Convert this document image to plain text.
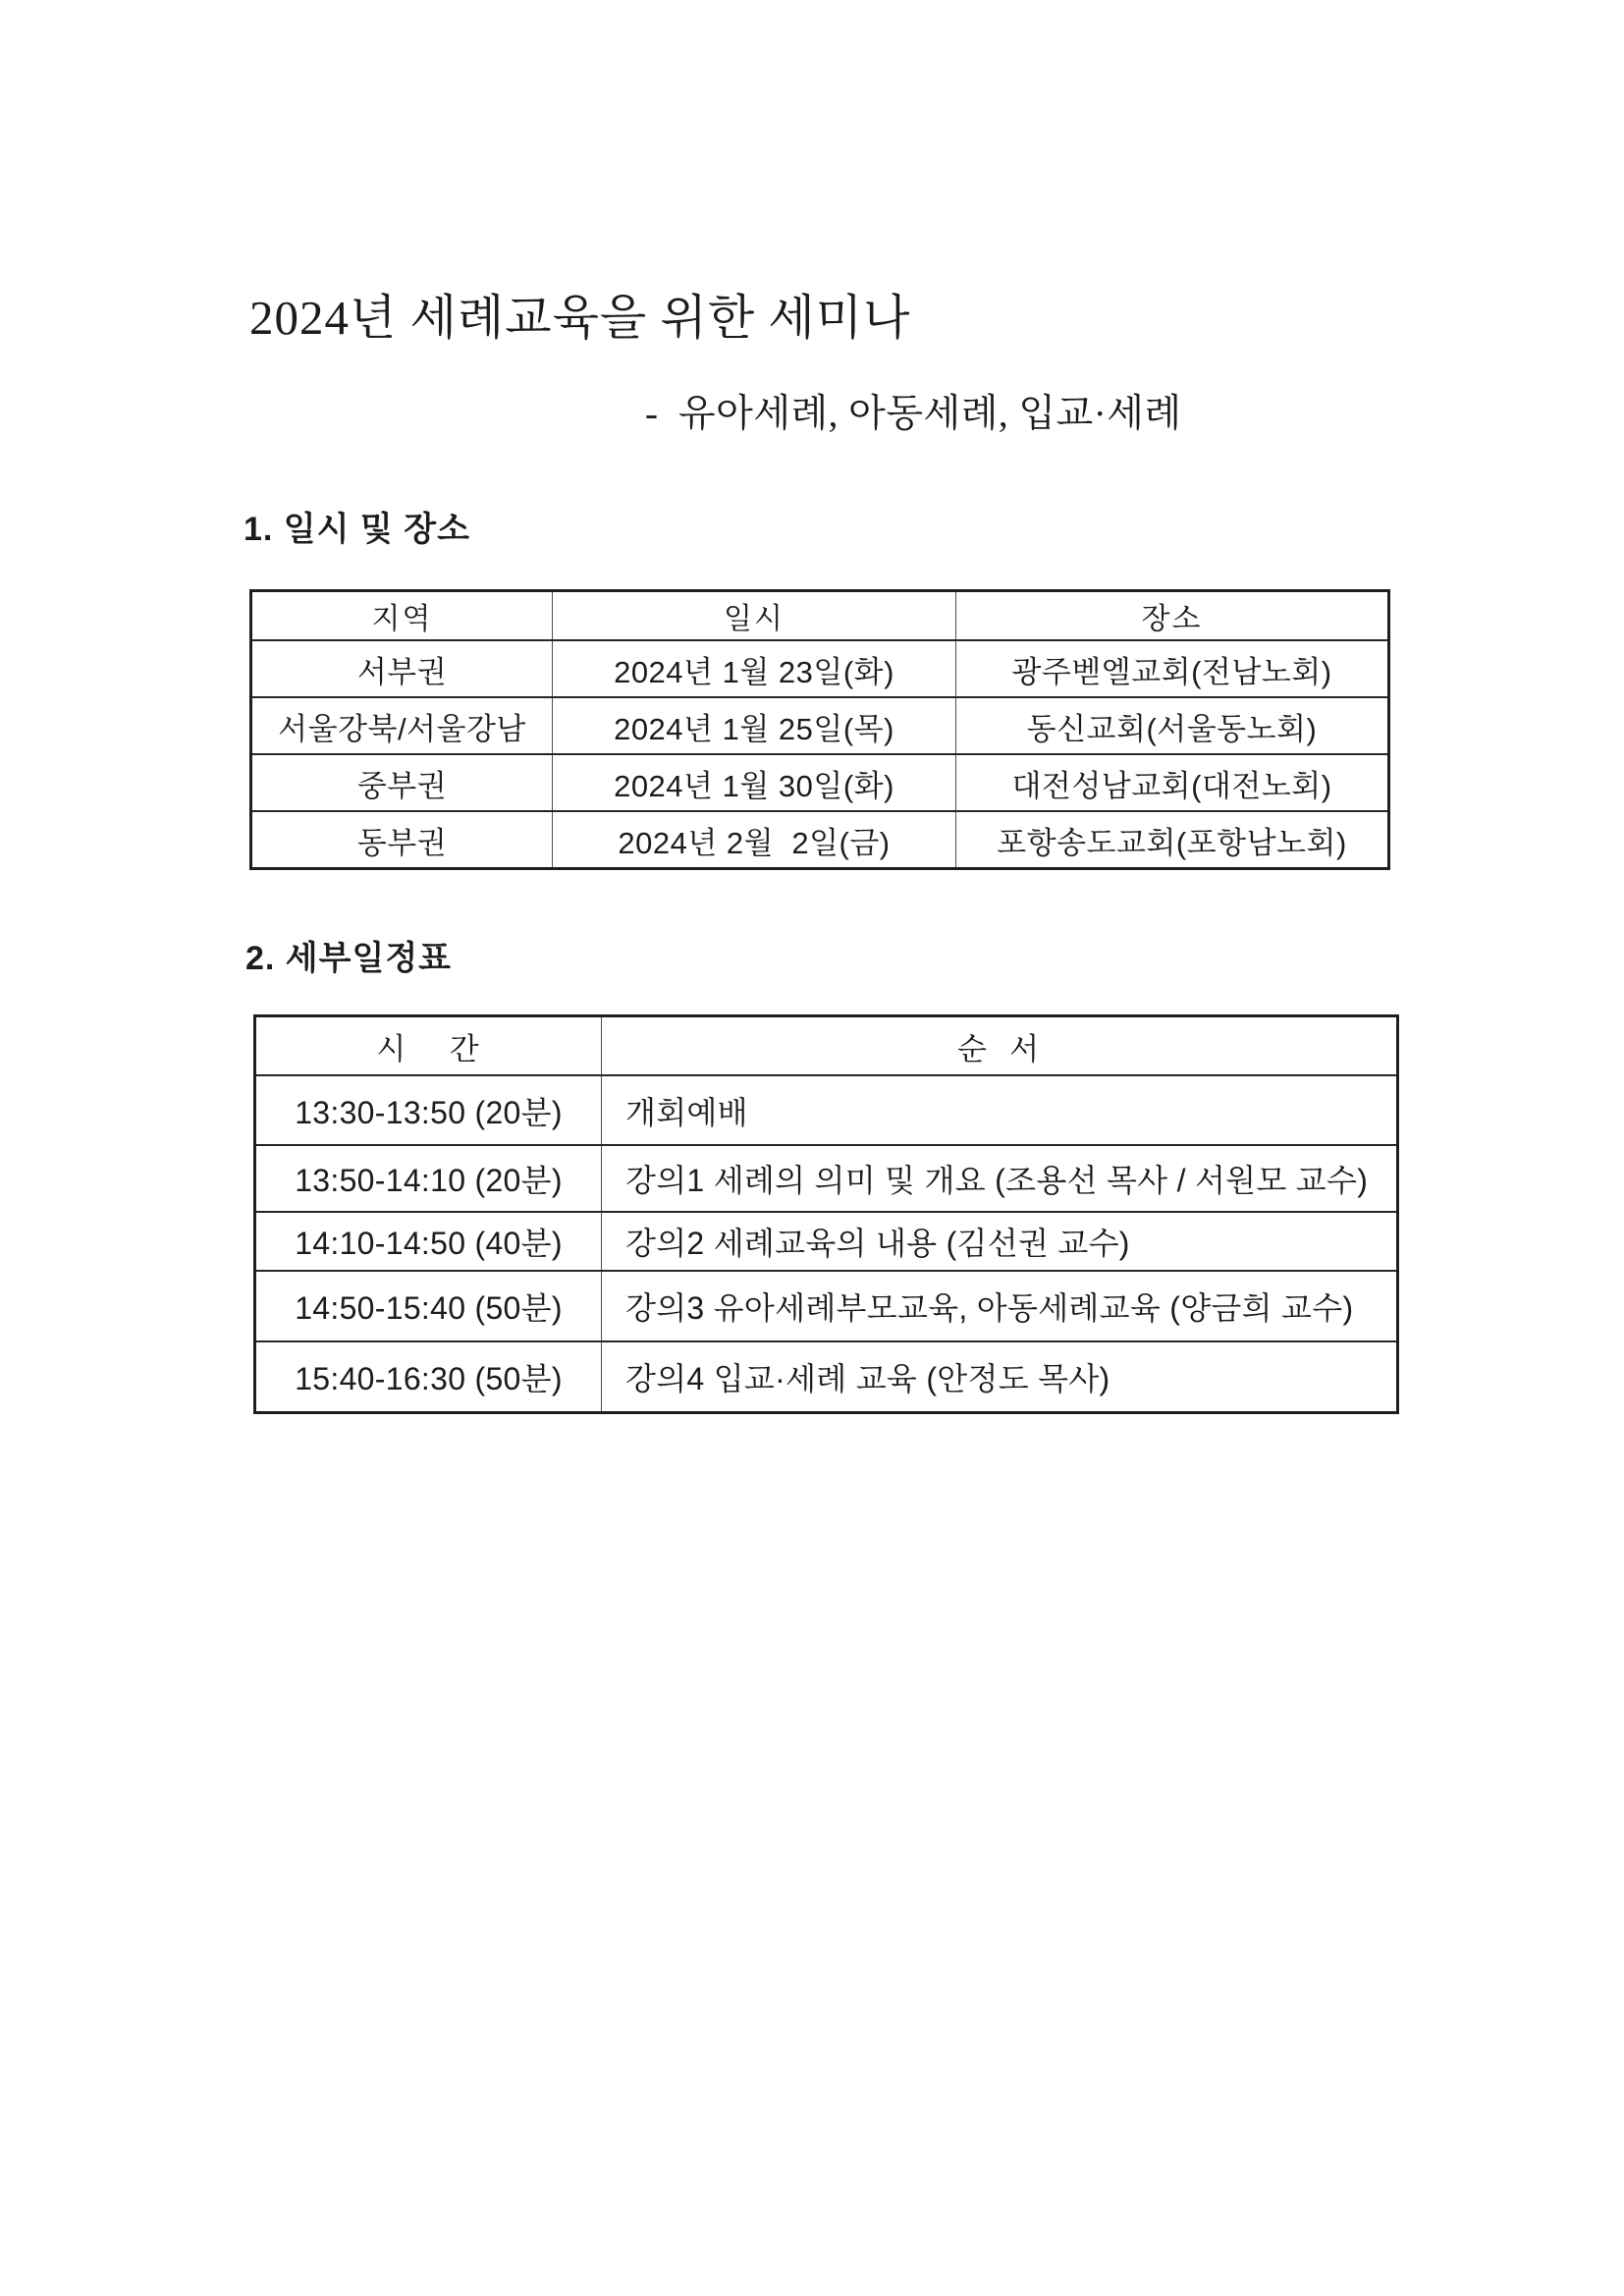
2024년 세례교육을 위한 세미나

-  유아세례, 아동세례, 입교·세례

1. 일시 및 장소
지역	일시	장소
서부권	2024년 1월 23일(화)	광주벧엘교회(전남노회)
서울강북/서울강남	2024년 1월 25일(목)	동신교회(서울동노회)
중부권	2024년 1월 30일(화)	대전성남교회(대전노회)
동부권	2024년 2월  2일(금)	포항송도교회(포항남노회)
2. 세부일정표
시    간	순  서
13:30-13:50 (20분)	개회예배
13:50-14:10 (20분)	강의1 세례의 의미 및 개요 (조용선 목사 / 서원모 교수)
14:10-14:50 (40분)	강의2 세례교육의 내용 (김선권 교수)
14:50-15:40 (50분)	강의3 유아세례부모교육, 아동세례교육 (양금희 교수)
15:40-16:30 (50분)	강의4 입교·세례 교육 (안정도 목사)
